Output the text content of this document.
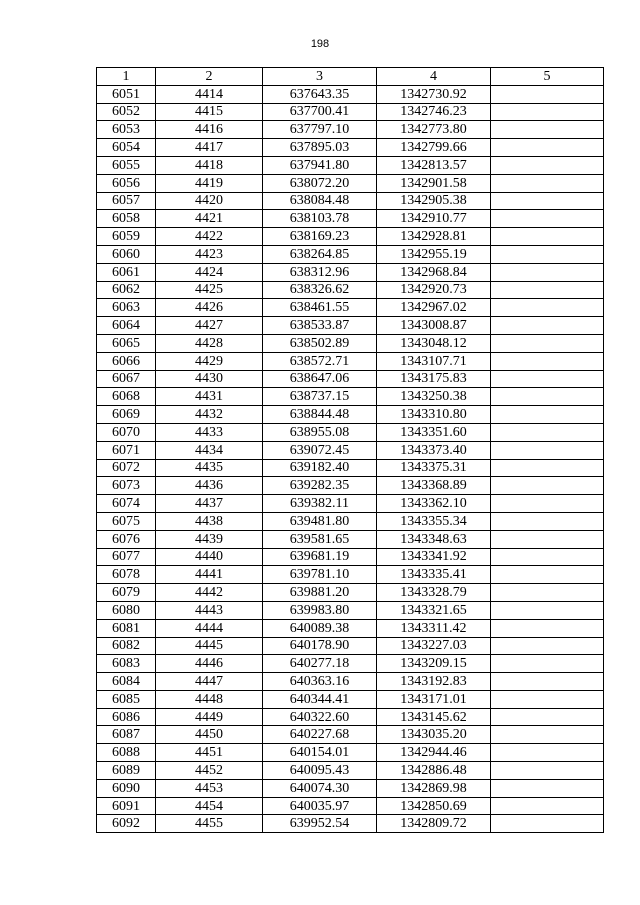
198
1	2	3	4	5
6051	4414	637643.35	1342730.92	
6052	4415	637700.41	1342746.23	
6053	4416	637797.10	1342773.80	
6054	4417	637895.03	1342799.66	
6055	4418	637941.80	1342813.57	
6056	4419	638072.20	1342901.58	
6057	4420	638084.48	1342905.38	
6058	4421	638103.78	1342910.77	
6059	4422	638169.23	1342928.81	
6060	4423	638264.85	1342955.19	
6061	4424	638312.96	1342968.84	
6062	4425	638326.62	1342920.73	
6063	4426	638461.55	1342967.02	
6064	4427	638533.87	1343008.87	
6065	4428	638502.89	1343048.12	
6066	4429	638572.71	1343107.71	
6067	4430	638647.06	1343175.83	
6068	4431	638737.15	1343250.38	
6069	4432	638844.48	1343310.80	
6070	4433	638955.08	1343351.60	
6071	4434	639072.45	1343373.40	
6072	4435	639182.40	1343375.31	
6073	4436	639282.35	1343368.89	
6074	4437	639382.11	1343362.10	
6075	4438	639481.80	1343355.34	
6076	4439	639581.65	1343348.63	
6077	4440	639681.19	1343341.92	
6078	4441	639781.10	1343335.41	
6079	4442	639881.20	1343328.79	
6080	4443	639983.80	1343321.65	
6081	4444	640089.38	1343311.42	
6082	4445	640178.90	1343227.03	
6083	4446	640277.18	1343209.15	
6084	4447	640363.16	1343192.83	
6085	4448	640344.41	1343171.01	
6086	4449	640322.60	1343145.62	
6087	4450	640227.68	1343035.20	
6088	4451	640154.01	1342944.46	
6089	4452	640095.43	1342886.48	
6090	4453	640074.30	1342869.98	
6091	4454	640035.97	1342850.69	
6092	4455	639952.54	1342809.72	
